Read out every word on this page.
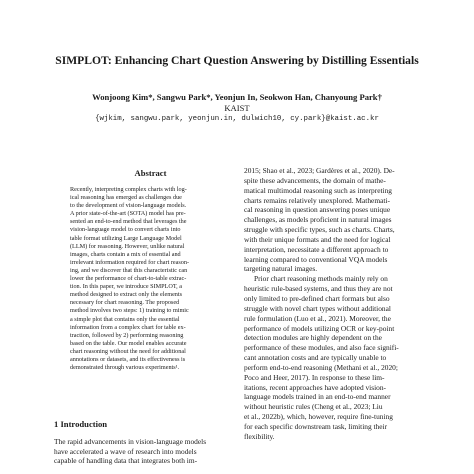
SIMPLOT: Enhancing Chart Question Answering by Distilling Essentials
Wonjoong Kim*, Sangwu Park*, Yeonjun In, Seokwon Han, Chanyoung Park†
KAIST
{wjkim, sangwu.park, yeonjun.in, dulwich10, cy.park}@kaist.ac.kr
Abstract
Recently, interpreting complex charts with log-
ical reasoning has emerged as challenges due
to the development of vision-language models.
A prior state-of-the-art (SOTA) model has pre-
sented an end-to-end method that leverages the
vision-language model to convert charts into
table format utilizing Large Language Model
(LLM) for reasoning. However, unlike natural
images, charts contain a mix of essential and
irrelevant information required for chart reason-
ing, and we discover that this characteristic can
lower the performance of chart-to-table extrac-
tion. In this paper, we introduce SIMPLOT, a
method designed to extract only the elements
necessary for chart reasoning. The proposed
method involves two steps: 1) training to mimic
a simple plot that contains only the essential
information from a complex chart for table ex-
traction, followed by 2) performing reasoning
based on the table. Our model enables accurate
chart reasoning without the need for additional
annotations or datasets, and its effectiveness is
demonstrated through various experiments¹.
1 Introduction
The rapid advancements in vision-language models
have accelerated a wave of research into models
capable of handling data that integrates both im-
2015; Shao et al., 2023; Gardères et al., 2020). De-
spite these advancements, the domain of mathe-
matical multimodal reasoning such as interpreting
charts remains relatively unexplored. Mathemati-
cal reasoning in question answering poses unique
challenges, as models proficient in natural images
struggle with specific types, such as charts. Charts,
with their unique formats and the need for logical
interpretation, necessitate a different approach to
learning compared to conventional VQA models
targeting natural images.
Prior chart reasoning methods mainly rely on
heuristic rule-based systems, and thus they are not
only limited to pre-defined chart formats but also
struggle with novel chart types without additional
rule formulation (Luo et al., 2021). Moreover, the
performance of models utilizing OCR or key-point
detection modules are highly dependent on the
performance of these modules, and also face signifi-
cant annotation costs and are typically unable to
perform end-to-end reasoning (Methani et al., 2020;
Poco and Heer, 2017). In response to these lim-
itations, recent approaches have adopted vision-
language models trained in an end-to-end manner
without heuristic rules (Cheng et al., 2023; Liu
et al., 2022b), which, however, require fine-tuning
for each specific downstream task, limiting their
flexibility.
